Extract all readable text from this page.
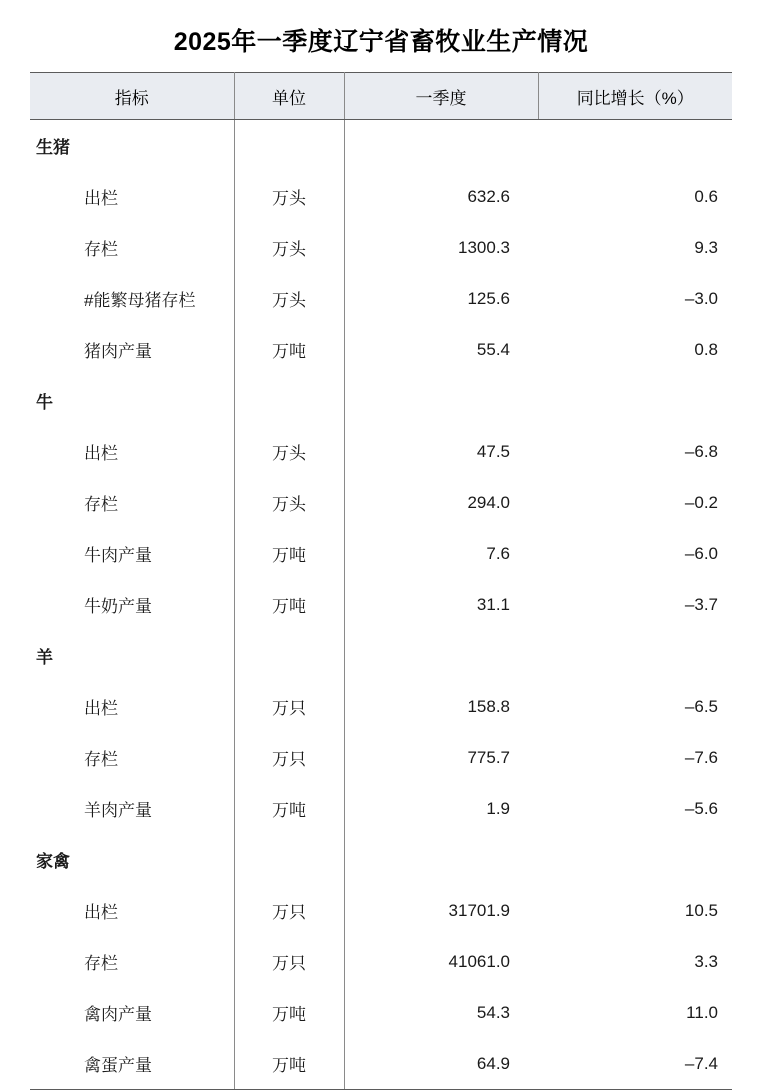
2025年一季度辽宁省畜牧业生产情况
指标	单位	一季度	同比增长（%）
生猪			
出栏	万头	632.6	0.6
存栏	万头	1300.3	9.3
#能繁母猪存栏	万头	125.6	–3.0
猪肉产量	万吨	55.4	0.8
牛			
出栏	万头	47.5	–6.8
存栏	万头	294.0	–0.2
牛肉产量	万吨	7.6	–6.0
牛奶产量	万吨	31.1	–3.7
羊			
出栏	万只	158.8	–6.5
存栏	万只	775.7	–7.6
羊肉产量	万吨	1.9	–5.6
家禽			
出栏	万只	31701.9	10.5
存栏	万只	41061.0	3.3
禽肉产量	万吨	54.3	11.0
禽蛋产量	万吨	64.9	–7.4
